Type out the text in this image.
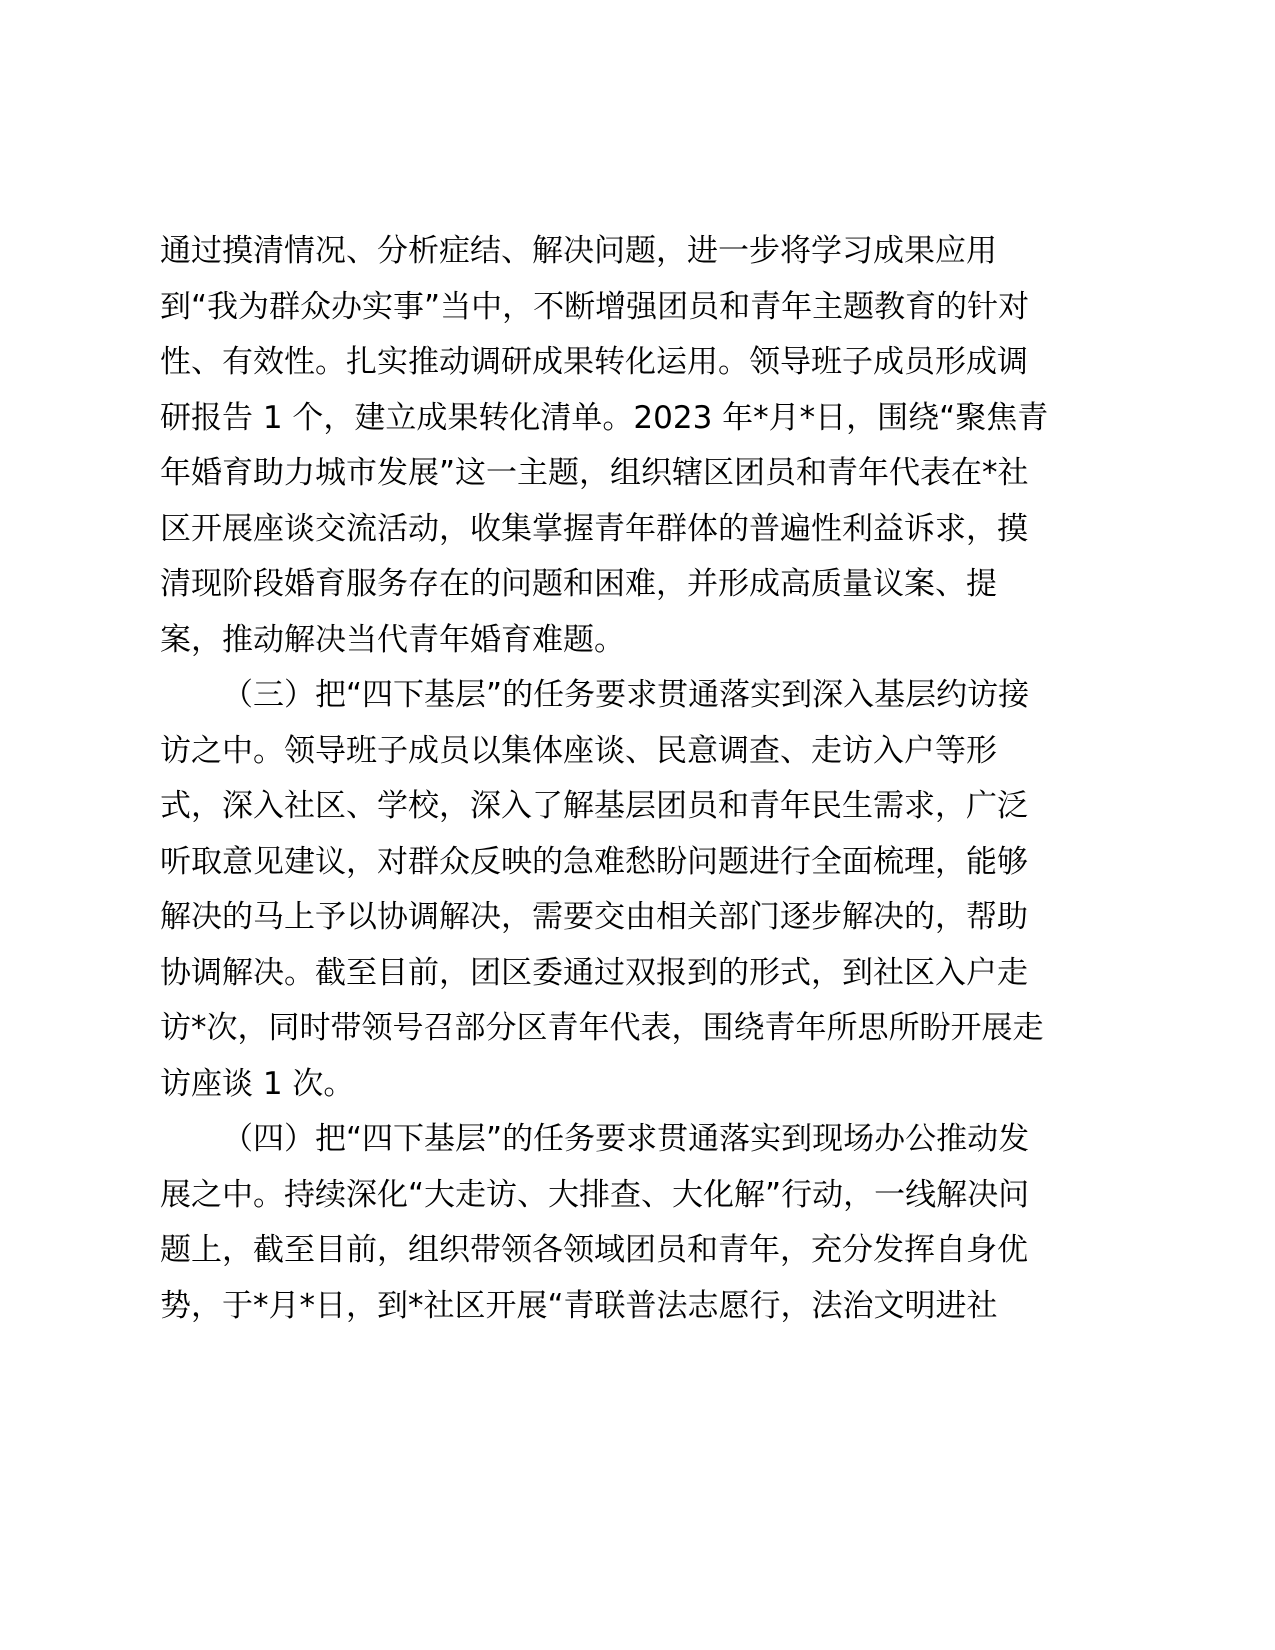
通过摸清情况、分析症结、解决问题，进一步将学习成果应用
到“我为群众办实事”当中，不断增强团员和青年主题教育的针对
性、有效性。扎实推动调研成果转化运用。领导班子成员形成调
研报告 1 个，建立成果转化清单。2023 年*月*日，围绕“聚焦青
年婚育助力城市发展”这一主题，组织辖区团员和青年代表在*社
区开展座谈交流活动，收集掌握青年群体的普遍性利益诉求，摸
清现阶段婚育服务存在的问题和困难，并形成高质量议案、提
案，推动解决当代青年婚育难题。
（三）把“四下基层”的任务要求贯通落实到深入基层约访接
访之中。领导班子成员以集体座谈、民意调查、走访入户等形
式，深入社区、学校，深入了解基层团员和青年民生需求，广泛
听取意见建议，对群众反映的急难愁盼问题进行全面梳理，能够
解决的马上予以协调解决，需要交由相关部门逐步解决的，帮助
协调解决。截至目前，团区委通过双报到的形式，到社区入户走
访*次，同时带领号召部分区青年代表，围绕青年所思所盼开展走
访座谈 1 次。
（四）把“四下基层”的任务要求贯通落实到现场办公推动发
展之中。持续深化“大走访、大排查、大化解”行动，一线解决问
题上，截至目前，组织带领各领域团员和青年，充分发挥自身优
势，于*月*日，到*社区开展“青联普法志愿行，法治文明进社
